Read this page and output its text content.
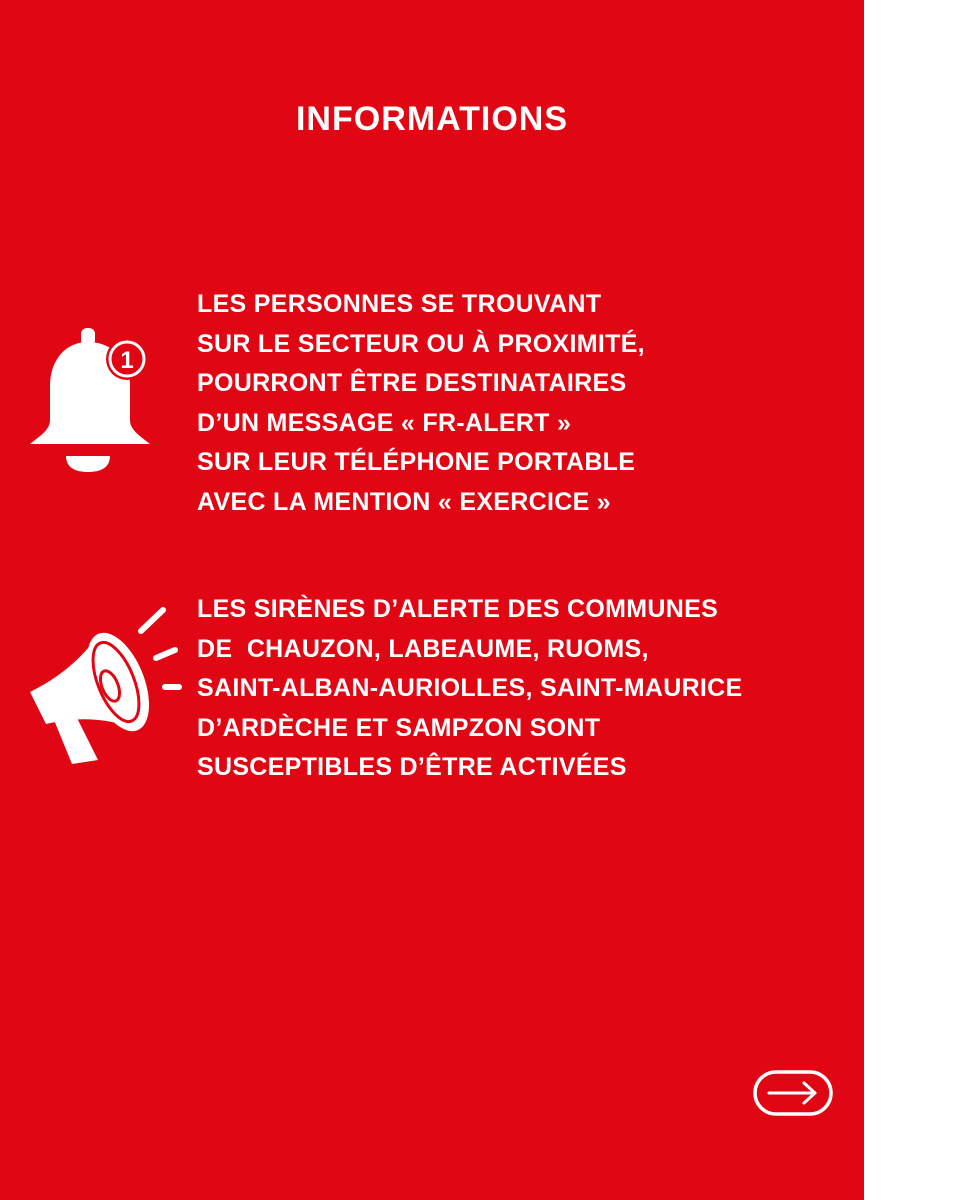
INFORMATIONS
1
LES PERSONNES SE TROUVANT
SUR LE SECTEUR OU À PROXIMITÉ,
POURRONT ÊTRE DESTINATAIRES
D’UN MESSAGE « FR-ALERT »
SUR LEUR TÉLÉPHONE PORTABLE
AVEC LA MENTION « EXERCICE »
LES SIRÈNES D’ALERTE DES COMMUNES
DE  CHAUZON, LABEAUME, RUOMS,
SAINT-ALBAN-AURIOLLES, SAINT-MAURICE
D’ARDÈCHE ET SAMPZON SONT
SUSCEPTIBLES D’ÊTRE ACTIVÉES
